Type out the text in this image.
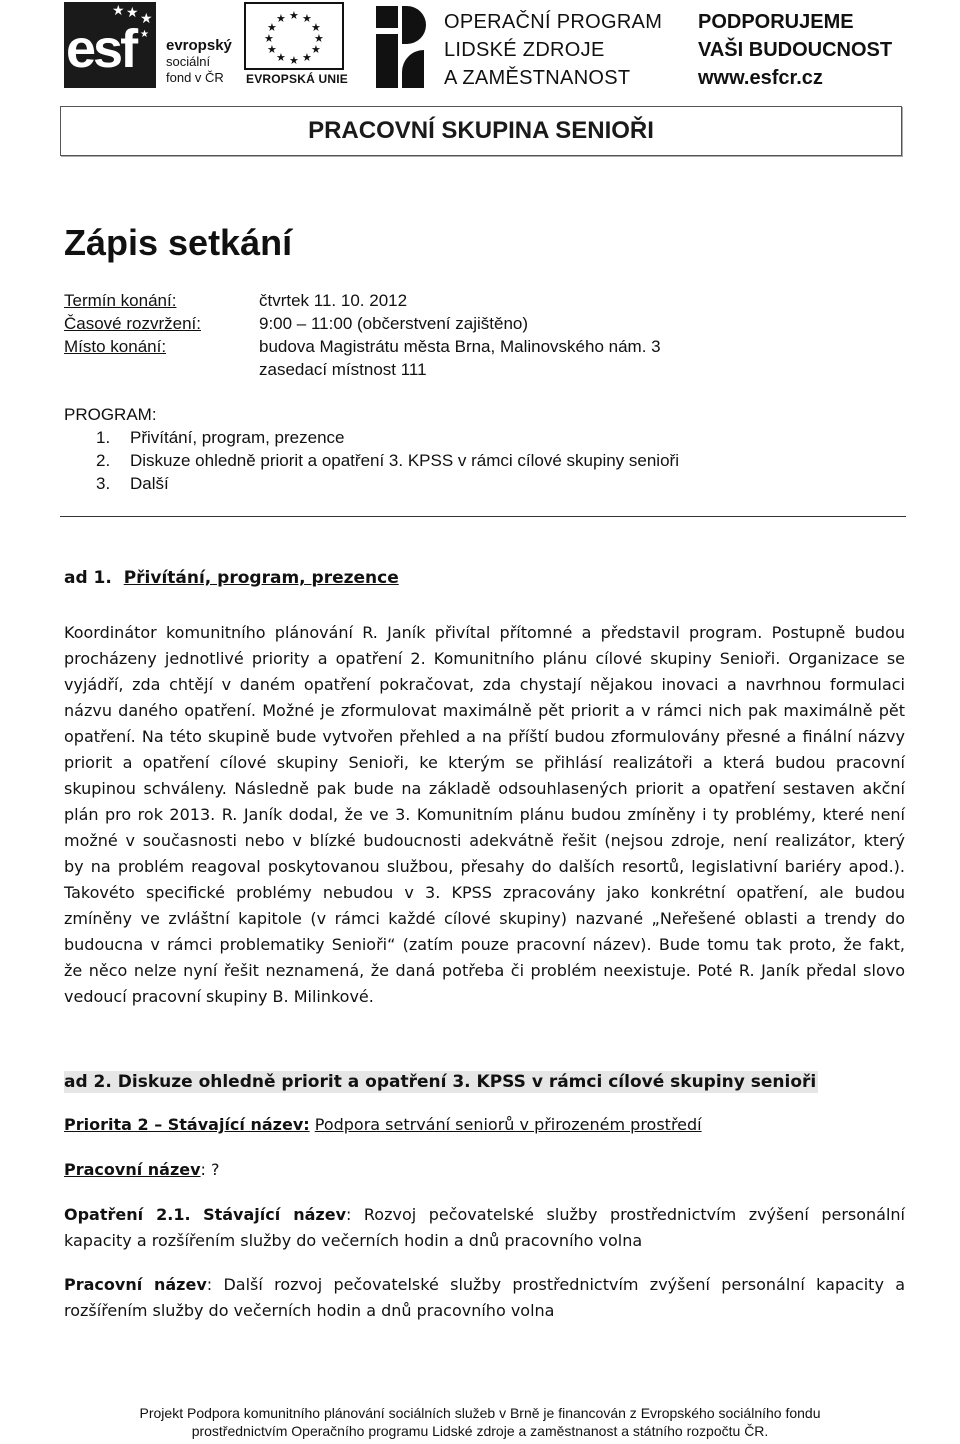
★ ★
★
★
esf evropský
sociální
fond v ČR
★ ★
★
★
★
★
★
★
★
★
★
★
EVROPSKÁ UNIE
OPERAČNÍ PROGRAM
LIDSKÉ ZDROJE
A ZAMĚSTNANOST
PODPORUJEME
VAŠI BUDOUCNOST
www.esfcr.cz
PRACOVNÍ SKUPINA SENIOŘI
Zápis setkání
Termín konání:	čtvrtek 11. 10. 2012
Časové rozvržení:	9:00 – 11:00 (občerstvení zajištěno)
Místo konání:	budova Magistrátu města Brna, Malinovského nám. 3
zasedací místnost 111
PROGRAM:
1. Přivítání, program, prezence
2. Diskuze ohledně priorit a opatření 3. KPSS v rámci cílové skupiny senioři
3. Další
ad 1. Přivítání, program, prezence
Koordinátor komunitního plánování R. Janík přivítal přítomné a představil program. Postupně budou
procházeny jednotlivé priority a opatření 2. Komunitního plánu cílové skupiny Senioři. Organizace se
vyjádří, zda chtějí v daném opatření pokračovat, zda chystají nějakou inovaci a navrhnou formulaci
názvu daného opatření. Možné je zformulovat maximálně pět priorit a v rámci nich pak maximálně pět
opatření. Na této skupině bude vytvořen přehled a na příští budou zformulovány přesné a finální názvy
priorit a opatření cílové skupiny Senioři, ke kterým se přihlásí realizátoři a která budou pracovní
skupinou schváleny. Následně pak bude na základě odsouhlasených priorit a opatření sestaven akční
plán pro rok 2013. R. Janík dodal, že ve 3. Komunitním plánu budou zmíněny i ty problémy, které není
možné v současnosti nebo v blízké budoucnosti adekvátně řešit (nejsou zdroje, není realizátor, který
by na problém reagoval poskytovanou službou, přesahy do dalších resortů, legislativní bariéry apod.).
Takovéto specifické problémy nebudou v 3. KPSS zpracovány jako konkrétní opatření, ale budou
zmíněny ve zvláštní kapitole (v rámci každé cílové skupiny) nazvané „Neřešené oblasti a trendy do
budoucna v rámci problematiky Senioři“ (zatím pouze pracovní název). Bude tomu tak proto, že fakt,
že něco nelze nyní řešit neznamená, že daná potřeba či problém neexistuje. Poté R. Janík předal slovo
vedoucí pracovní skupiny B. Milinkové.
ad 2. Diskuze ohledně priorit a opatření 3. KPSS v rámci cílové skupiny senioři
Priorita 2 – Stávající název: Podpora setrvání seniorů v přirozeném prostředí
Pracovní název: ?
Opatření 2.1. Stávající název: Rozvoj pečovatelské služby prostřednictvím zvýšení personální
kapacity a rozšířením služby do večerních hodin a dnů pracovního volna
Pracovní název: Další rozvoj pečovatelské služby prostřednictvím zvýšení personální kapacity a
rozšířením služby do večerních hodin a dnů pracovního volna
Projekt Podpora komunitního plánování sociálních služeb v Brně je financován z Evropského sociálního fondu
prostřednictvím Operačního programu Lidské zdroje a zaměstnanost a státního rozpočtu ČR.
